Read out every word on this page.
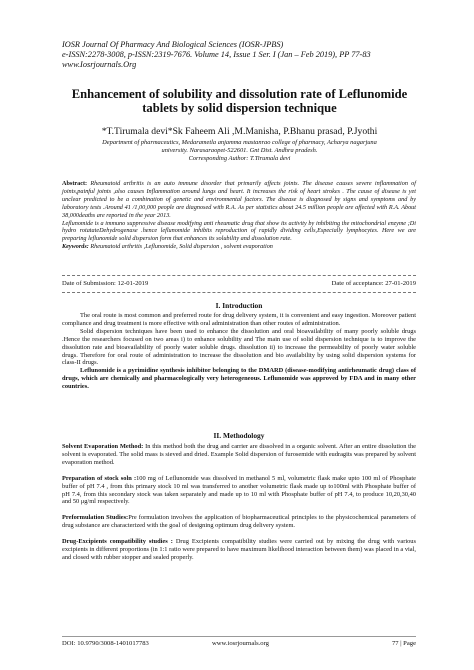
IOSR Journal Of Pharmacy And Biological Sciences (IOSR-JPBS)
e-ISSN:2278-3008, p-ISSN:2319-7676. Volume 14, Issue 1 Ser. I (Jan – Feb 2019), PP 77-83
www.Iosrjournals.Org
Enhancement of solubility and dissolution rate of Leflunomide tablets by solid dispersion technique
*T.Tirumala devi*Sk Faheem Ali ,M.Manisha, P.Bhanu prasad, P.Jyothi
Department of pharmaceutics, Medarametla anjamma mastanrao college of pharmacy, Acharya nagarjuna
university. Narasaraopet-522601. Gnt Dist. Andhra pradesh.
Corresponding Author: T.Tirumala devi
Abstract: Rheumatoid arthritis is an auto immune disorder that primarily affects joints. The disease causes severe inflammation of joints,painful joints ,also causes Inflammation around lungs and heart. It increases the risk of heart strokes . The cause of disease is yet unclear predicted to be a combination of genetic and environmental factors. The disease is diagnosed by signs and symptoms and by laboratory tests .Around 41 /1,00,000 people are diagnosed with R.A. As per statistics about 24.5 million people are affected with R.A. About 38,000deaths are reported in the year 2013.
Leflunomide is a immuno suppressive disease modifying anti rheumatic drug that show its activity by inhibiting the mitochondrial enzyme ;Di hydro rotatateDehydrogenase .hence leflunomide inhibits reproduction of rapidly dividing cells,Especially lymphocytes. Here we are preparing leflunomide solid dispersion form that enhances its solubility and dissolution rate.
Keywords: Rheumatoid arthritis ,Leflunomide, Solid dispersion , solvent evaporation
Date of Submission: 12-01-2019	Date of acceptance: 27-01-2019
I. Introduction
The oral route is most common and preferred route for drug delivery system, it is convenient and easy ingestion. Moreover patient compliance and drug treatment is more effective with oral administration than other routes of administration.
Solid dispersion techniques have been used to enhance the dissolution and oral bioavailability of many poorly soluble drugs .Hence the researchers focused on two areas i) to enhance solubility and The main use of solid dispersion technique is to improve the dissolution rate and bioavailability of poorly water soluble drugs. dissolution ii) to increase the permeability of poorly water soluble drugs. Therefore for oral route of administration to increase the dissolution and bio availability by using solid dispersion systems for class-II drugs.
Leflunomide is a pyrimidine synthesis inhibitor belonging to the DMARD (disease-modifying antirheumatic drug) class of drugs, which are chemically and pharmacologically very heterogeneous. Leflunomide was approved by FDA and in many other countries.
II. Methodology
Solvent Evaporation Method: In this method both the drug and carrier are dissolved in a organic solvent. After an entire dissolution the solvent is evaporated. The solid mass is sieved and dried. Example Solid dispersion of furosemide with eudragits was prepared by solvent evaporation method.
Preparation of stock soln :100 mg of Leflunomide was dissolved in methanol 5 ml, volumetric flask make upto 100 ml of Phosphate buffer of pH 7.4 , from this primary stock 10 ml was transferred to another volumetric flask made up to100ml with Phosphate buffer of pH 7.4, from this secondary stock was taken separately and made up to 10 ml with Phosphate buffer of pH 7.4, to produce 10,20,30,40 and 50 μg/ml respectively.
Preformulation Studies:Pre formulation involves the application of biopharmaceutical principles to the physicochemical parameters of drug substance are characterized with the goal of designing optimum drug delivery system.
Drug-Excipients compatibility studies : Drug Excipients compatibility studies were carried out by mixing the drug with various excipients in different proportions (in 1:1 ratio were prepared to have maximum likelihood interaction between them) was placed in a vial, and closed with rubber stopper and sealed properly.
DOI: 10.9790/3008-1401017783	www.iosrjournals.org	77 | Page
